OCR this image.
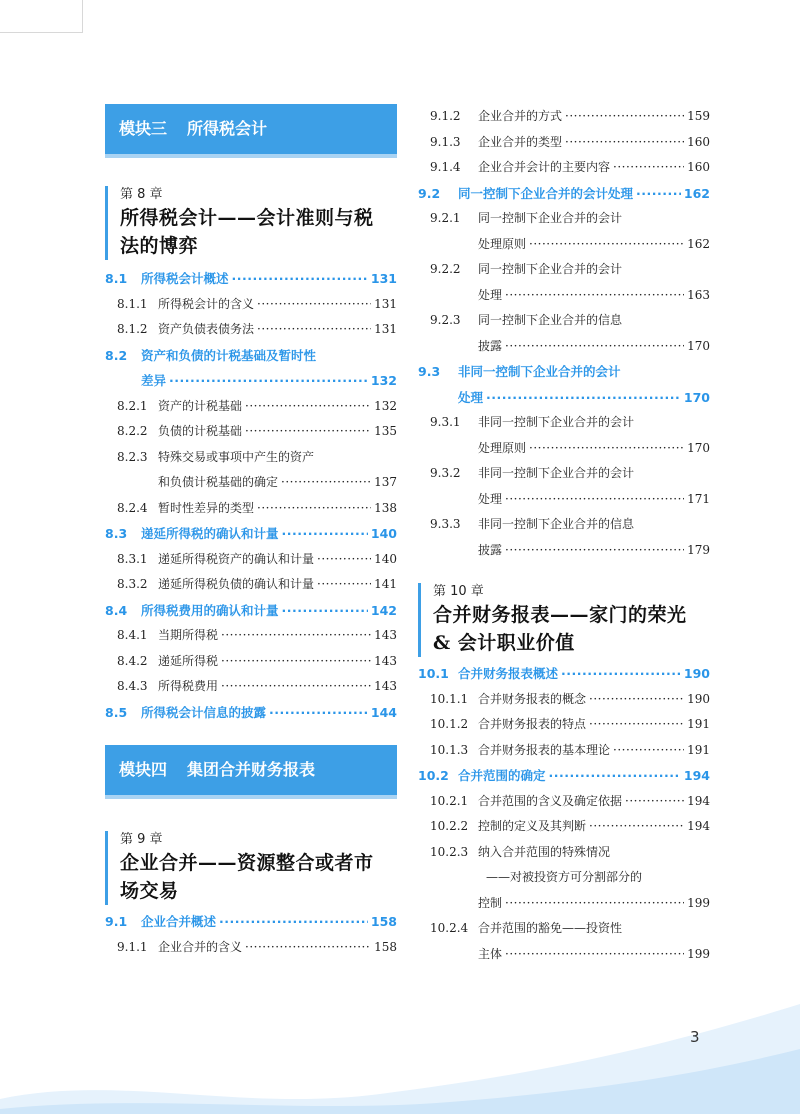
模块三 所得税会计
第 8 章
所得税会计——会计准则与税
法的博弈
8.1	所得税会计概述 ·····	131
8.1.1 所得税会计的含义 ·····	131
8.1.2 资产负债表债务法 ·····	131
8.2	资产和负债的计税基础及暂时性
差异 ·····	132
8.2.1 资产的计税基础 ·····	132
8.2.2 负债的计税基础 ·····	135
8.2.3 特殊交易或事项中产生的资产
和负债计税基础的确定 ·····	137
8.2.4 暂时性差异的类型 ·····	138
8.3	递延所得税的确认和计量 ·····	140
8.3.1 递延所得税资产的确认和计量 ·····	140
8.3.2 递延所得税负债的确认和计量 ·····	141
8.4	所得税费用的确认和计量 ·····	142
8.4.1 当期所得税 ·····	143
8.4.2 递延所得税 ·····	143
8.4.3 所得税费用 ·····	143
8.5	所得税会计信息的披露 ·····	144
模块四 集团合并财务报表
第 9 章
企业合并——资源整合或者市
场交易
9.1	企业合并概述 ·····	158
9.1.1 企业合并的含义 ·····	158
9.1.2	企业合并的方式 ·····	159
9.1.3	企业合并的类型 ·····	160
9.1.4	企业合并会计的主要内容 ·····	160
9.2	同一控制下企业合并的会计处理 ·····	162
9.2.1	同一控制下企业合并的会计
处理原则 ·····	162
9.2.2	同一控制下企业合并的会计
处理 ·····	163
9.2.3	同一控制下企业合并的信息
披露 ·····	170
9.3	非同一控制下企业合并的会计
处理 ·····	170
9.3.1	非同一控制下企业合并的会计
处理原则 ·····	170
9.3.2	非同一控制下企业合并的会计
处理 ·····	171
9.3.3	非同一控制下企业合并的信息
披露 ·····	179
第 10 章
合并财务报表——家门的荣光
& 会计职业价值
10.1 合并财务报表概述 ·····	190
10.1.1 合并财务报表的概念 ·····	190
10.1.2 合并财务报表的特点 ·····	191
10.1.3 合并财务报表的基本理论 ·····	191
10.2 合并范围的确定 ·····	194
10.2.1 合并范围的含义及确定依据 ·····	194
10.2.2 控制的定义及其判断 ·····	194
10.2.3 纳入合并范围的特殊情况
——对被投资方可分割部分的
控制 ·····	199
10.2.4 合并范围的豁免——投资性
主体 ·····	199
3
